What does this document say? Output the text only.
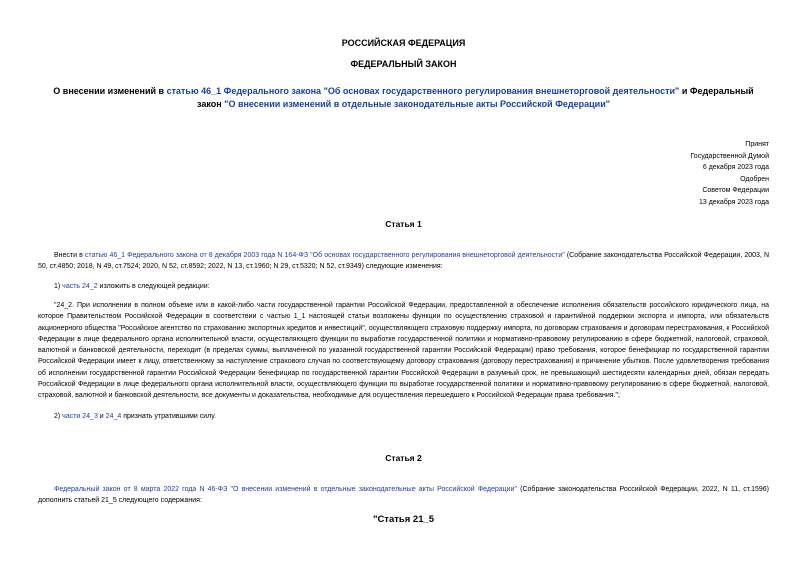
РОССИЙСКАЯ ФЕДЕРАЦИЯ
ФЕДЕРАЛЬНЫЙ ЗАКОН
О внесении изменений в статью 46_1 Федерального закона "Об основах государственного регулирования внешнеторговой деятельности" и Федеральный закон "О внесении изменений в отдельные законодательные акты Российской Федерации"
Принят
Государственной Думой
6 декабря 2023 года
Одобрен
Советом Федерации
13 декабря 2023 года
Статья 1
Внести в статью 46_1 Федерального закона от 8 декабря 2003 года N 164-ФЗ "Об основах государственного регулирования внешнеторговой деятельности" (Собрание законодательства Российской Федерации, 2003, N 50, ст.4850; 2018, N 49, ст.7524; 2020, N 52, ст.8592; 2022, N 13, ст.1960; N 29, ст.5320; N 52, ст.9349) следующие изменения:
1) часть 24_2 изложить в следующей редакции:
"24_2. При исполнении в полном объеме или в какой-либо части государственной гарантии Российской Федерации, предоставленной в обеспечение исполнения обязательств российского юридического лица, на которое Правительством Российской Федерации в соответствии с частью 1_1 настоящей статьи возложены функции по осуществлению страховой и гарантийной поддержки экспорта и импорта, или обязательств акционерного общества "Российское агентство по страхованию экспортных кредитов и инвестиций", осуществляющего страховую поддержку импорта, по договорам страхования и договорам перестрахования, к Российской Федерации в лице федерального органа исполнительной власти, осуществляющего функции по выработке государственной политики и нормативно-правовому регулированию в сфере бюджетной, налоговой, страховой, валютной и банковской деятельности, переходит (в пределах суммы, выплаченной по указанной государственной гарантии Российской Федерации) право требования, которое бенефициар по государственной гарантии Российской Федерации имеет к лицу, ответственному за наступление страхового случая по соответствующему договору страхования (договору перестрахования) и причинение убытков. После удовлетворения требования об исполнении государственной гарантии Российской Федерации бенефициар по государственной гарантии Российской Федерации в разумный срок, не превышающий шестидесяти календарных дней, обязан передать Российской Федерации в лице федерального органа исполнительной власти, осуществляющего функции по выработке государственной политики и нормативно-правовому регулированию в сфере бюджетной, налоговой, страховой, валютной и банковской деятельности, все документы и доказательства, необходимые для осуществления перешедшего к Российской Федерации права требования.";
2) части 24_3 и 24_4 признать утратившими силу.
Статья 2
Федеральный закон от 8 марта 2022 года N 46-ФЗ "О внесении изменений в отдельные законодательные акты Российской Федерации" (Собрание законодательства Российской Федерации, 2022, N 11, ст.1596) дополнить статьей 21_5 следующего содержания:
"Статья 21_5
